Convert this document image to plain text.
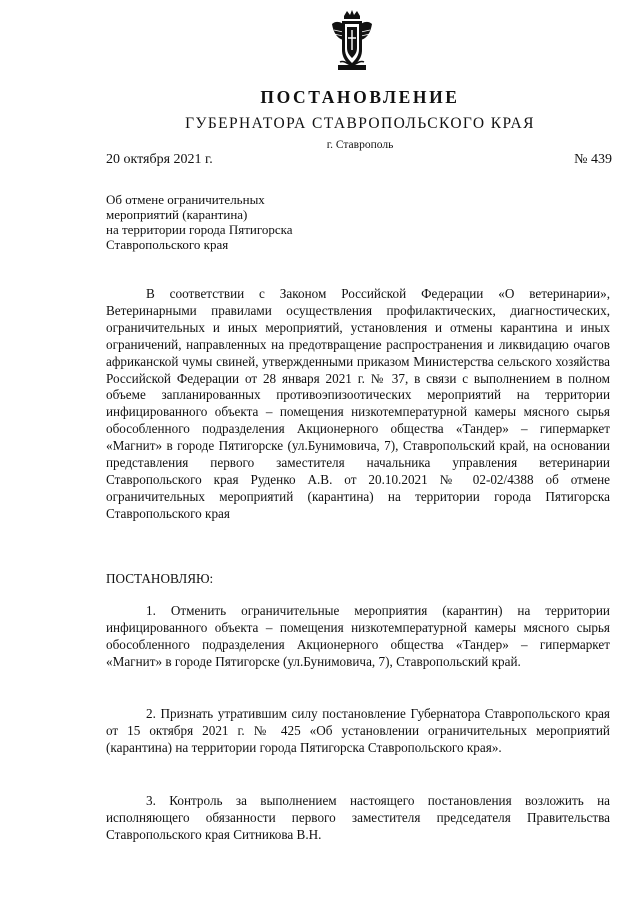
ПОСТАНОВЛЕНИЕ
ГУБЕРНАТОРА СТАВРОПОЛЬСКОГО КРАЯ
г. Ставрополь
20 октября 2021 г.	№ 439
Об отмене ограничительных
мероприятий (карантина)
на территории города Пятигорска
Ставропольского края
В соответствии с Законом Российской Федерации «О ветеринарии», Ветеринарными правилами осуществления профилактических, диагностических, ограничительных и иных мероприятий, установления и отмены карантина и иных ограничений, направленных на предотвращение распространения и ликвидацию очагов африканской чумы свиней, утвержденными приказом Министерства сельского хозяйства Российской Федерации от 28 января 2021 г. № 37, в связи с выполнением в полном объеме запланированных противоэпизоотических мероприятий на территории инфицированного объекта – помещения низкотемпературной камеры мясного сырья обособленного подразделения Акционерного общества «Тандер» – гипермаркет «Магнит» в городе Пятигорске (ул.Бунимовича, 7), Ставропольский край, на основании представления первого заместителя начальника управления ветеринарии Ставропольского края Руденко А.В. от 20.10.2021 № 02-02/4388 об отмене ограничительных мероприятий (карантина) на территории города Пятигорска Ставропольского края
ПОСТАНОВЛЯЮ:
1. Отменить ограничительные мероприятия (карантин) на территории инфицированного объекта – помещения низкотемпературной камеры мясного сырья обособленного подразделения Акционерного общества «Тандер» – гипермаркет «Магнит» в городе Пятигорске (ул.Бунимовича, 7), Ставропольский край.
2. Признать утратившим силу постановление Губернатора Ставропольского края от 15 октября 2021 г. № 425 «Об установлении ограничительных мероприятий (карантина) на территории города Пятигорска Ставропольского края».
3. Контроль за выполнением настоящего постановления возложить на исполняющего обязанности первого заместителя председателя Правительства Ставропольского края Ситникова В.Н.
